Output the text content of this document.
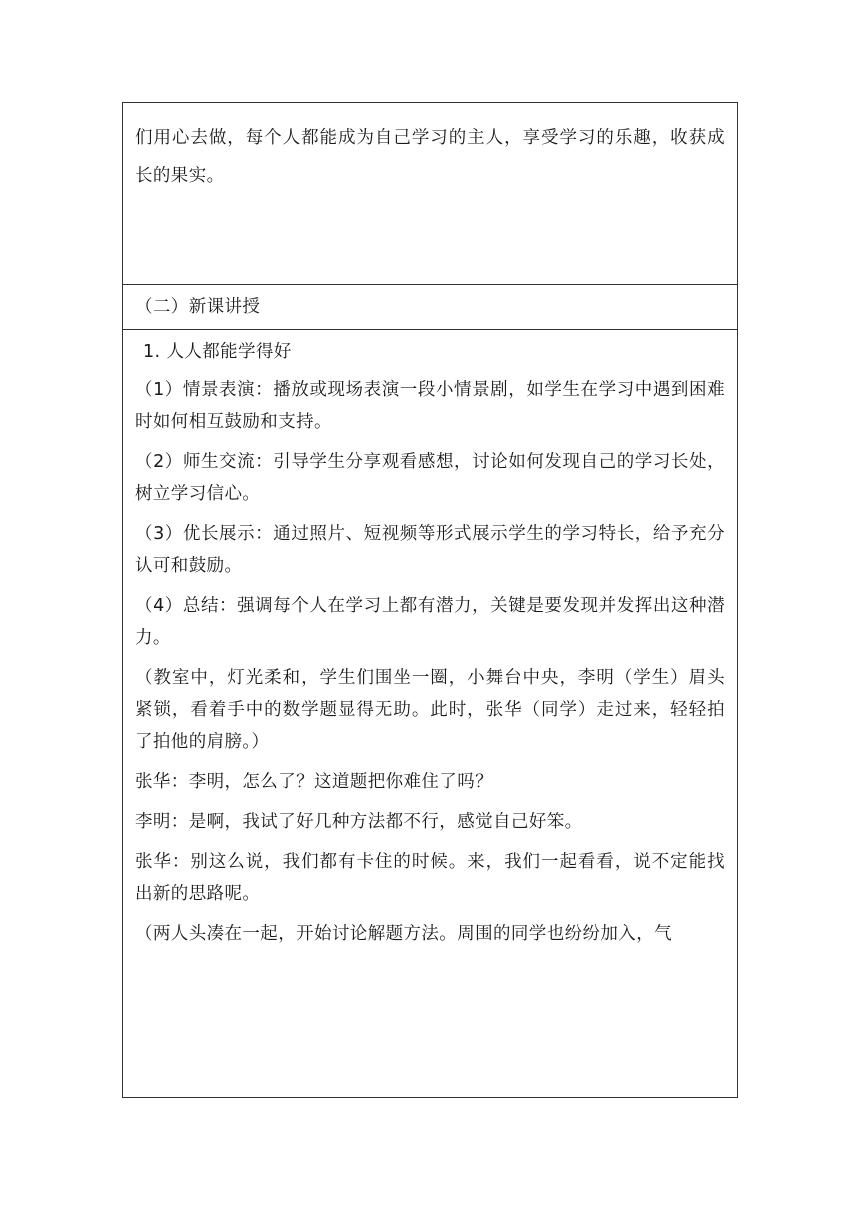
们用心去做，每个人都能成为自己学习的主人，享受学习的乐趣，收获成长的果实。

（二）新课讲授

1. 人人都能学得好

（1）情景表演：播放或现场表演一段小情景剧，如学生在学习中遇到困难时如何相互鼓励和支持。

（2）师生交流：引导学生分享观看感想，讨论如何发现自己的学习长处，树立学习信心。

（3）优长展示：通过照片、短视频等形式展示学生的学习特长，给予充分认可和鼓励。

（4）总结：强调每个人在学习上都有潜力，关键是要发现并发挥出这种潜力。

（教室中，灯光柔和，学生们围坐一圈，小舞台中央，李明（学生）眉头紧锁，看着手中的数学题显得无助。此时，张华（同学）走过来，轻轻拍了拍他的肩膀。）

张华：李明，怎么了？这道题把你难住了吗？

李明：是啊，我试了好几种方法都不行，感觉自己好笨。

张华：别这么说，我们都有卡住的时候。来，我们一起看看，说不定能找出新的思路呢。

（两人头凑在一起，开始讨论解题方法。周围的同学也纷纷加入，气
